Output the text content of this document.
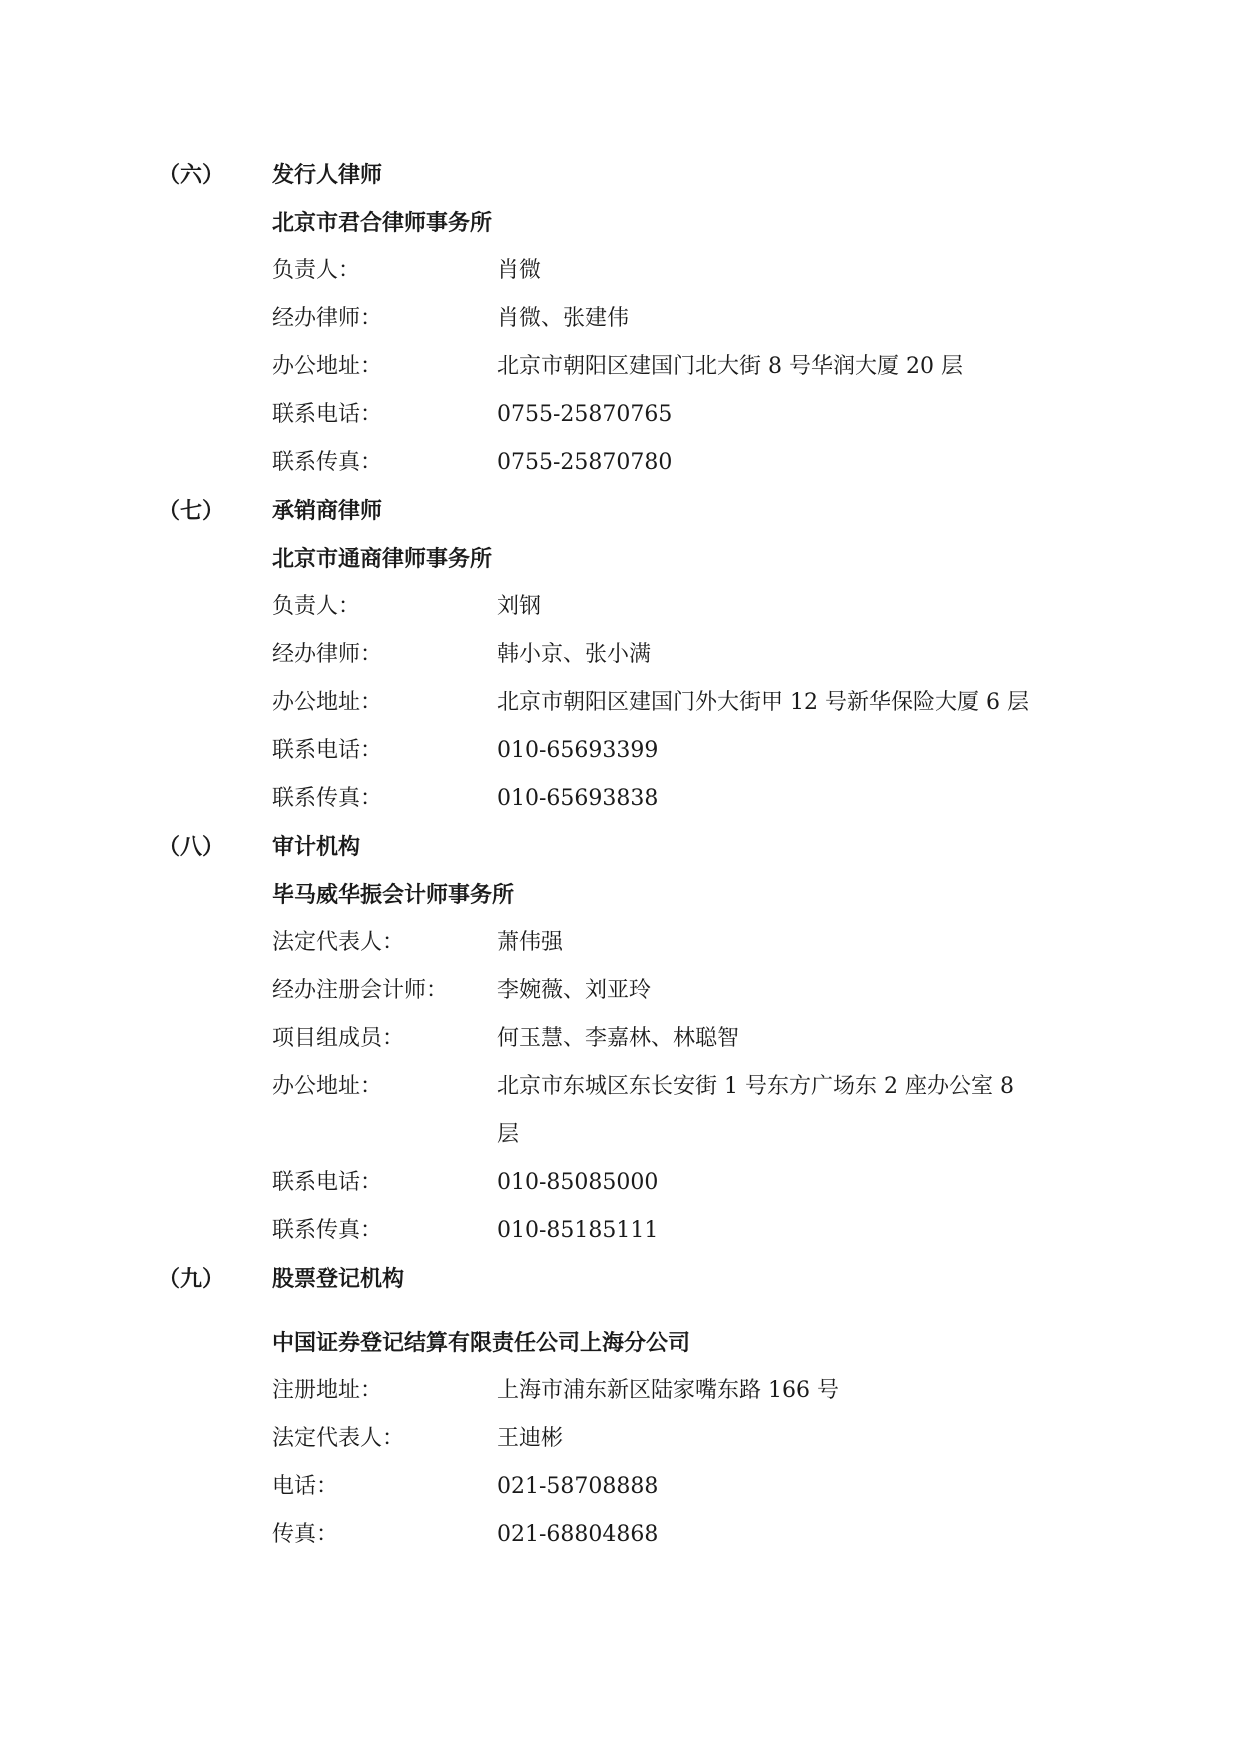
（六） 发行人律师
北京市君合律师事务所
负责人：	肖微
经办律师：	肖微、张建伟
办公地址：	北京市朝阳区建国门北大街 8 号华润大厦 20 层
联系电话：	0755-25870765
联系传真：	0755-25870780
（七） 承销商律师
北京市通商律师事务所
负责人：	刘钢
经办律师：	韩小京、张小满
办公地址：	北京市朝阳区建国门外大街甲 12 号新华保险大厦 6 层
联系电话：	010-65693399
联系传真：	010-65693838
（八） 审计机构
毕马威华振会计师事务所
法定代表人：	萧伟强
经办注册会计师： 李婉薇、刘亚玲
项目组成员：	何玉慧、李嘉林、林聪智
办公地址：	北京市东城区东长安街 1 号东方广场东 2 座办公室 8
层
联系电话：	010-85085000
联系传真：	010-85185111
（九） 股票登记机构
中国证券登记结算有限责任公司上海分公司
注册地址：	上海市浦东新区陆家嘴东路 166 号
法定代表人：	王迪彬
电话：	021-58708888
传真：	021-68804868
